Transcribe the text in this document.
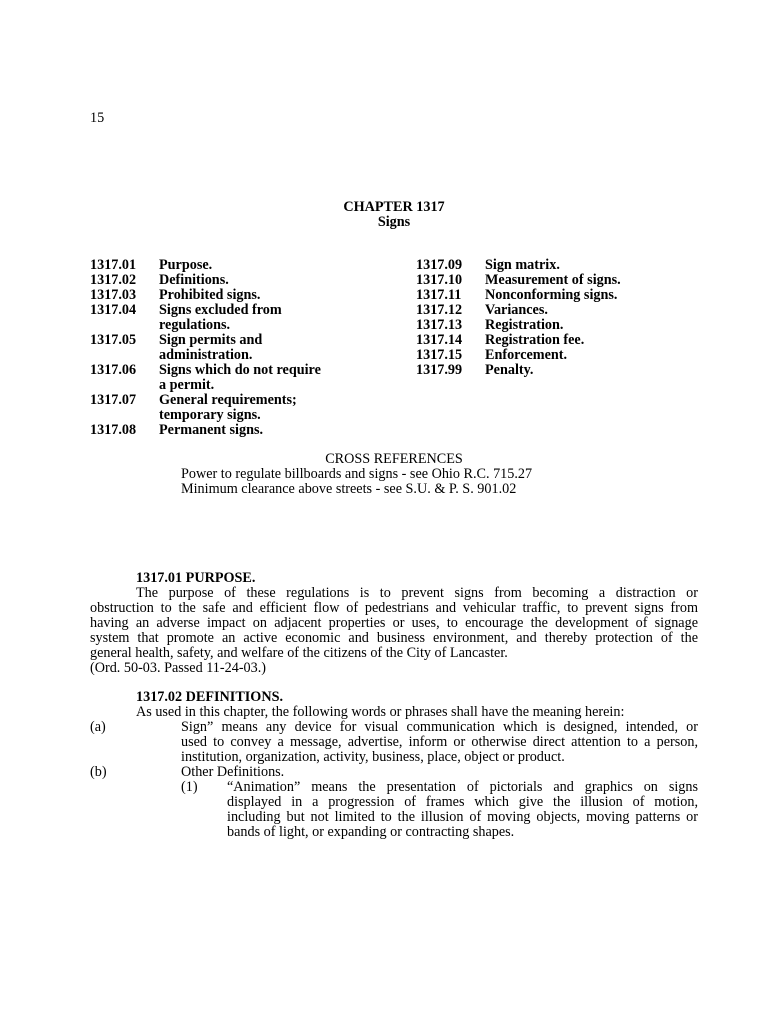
15
CHAPTER 1317
Signs
1317.01 Purpose.
1317.02 Definitions.
1317.03 Prohibited signs.
1317.04 Signs excluded from
regulations.
1317.05 Sign permits and
administration.
1317.06 Signs which do not require
a permit.
1317.07 General requirements;
temporary signs.
1317.08 Permanent signs.
1317.09 Sign matrix.
1317.10 Measurement of signs.
1317.11 Nonconforming signs.
1317.12 Variances.
1317.13 Registration.
1317.14 Registration fee.
1317.15 Enforcement.
1317.99 Penalty.
CROSS REFERENCES
Power to regulate billboards and signs - see Ohio R.C. 715.27
Minimum clearance above streets - see S.U. & P. S. 901.02
1317.01 PURPOSE.
The purpose of these regulations is to prevent signs from becoming a distraction or
obstruction to the safe and efficient flow of pedestrians and vehicular traffic, to prevent signs from
having an adverse impact on adjacent properties or uses, to encourage the development of signage
system that promote an active economic and business environment, and thereby protection of the
general health, safety, and welfare of the citizens of the City of Lancaster.
(Ord. 50-03. Passed 11-24-03.)
1317.02 DEFINITIONS.
As used in this chapter, the following words or phrases shall have the meaning herein:
(a)	Sign” means any device for visual communication which is designed, intended, or
used to convey a message, advertise, inform or otherwise direct attention to a person,
institution, organization, activity, business, place, object or product.
(b)	Other Definitions.
(1) “Animation” means the presentation of pictorials and graphics on signs
displayed in a progression of frames which give the illusion of motion,
including but not limited to the illusion of moving objects, moving patterns or
bands of light, or expanding or contracting shapes.
